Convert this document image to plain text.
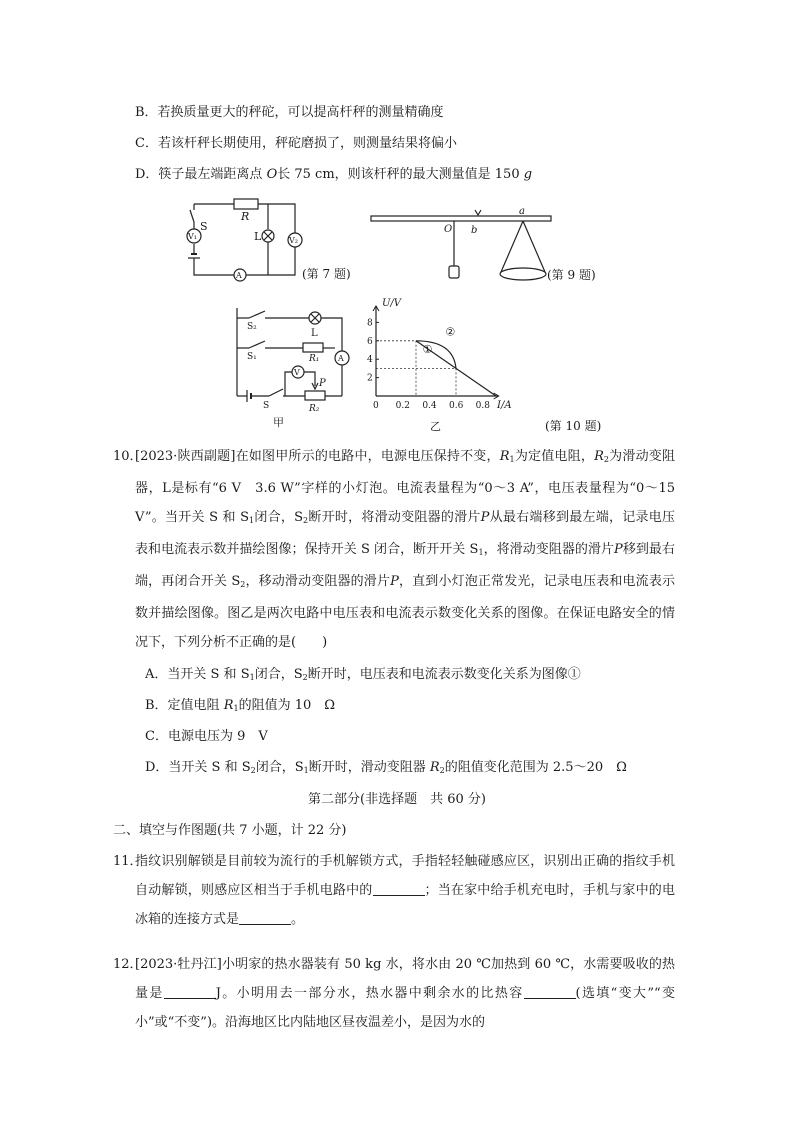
B．若换质量更大的秤砣，可以提高杆秤的测量精确度
C．若该杆秤长期使用，秤砣磨损了，则测量结果将偏小
D．筷子最左端距离点 O长 75 cm，则该杆秤的最大测量值是 150 g
S
R
V₁	L	V₂
A	(第 7 题)
O b
a
(第 9 题)
S₂
L
S₁	R₁ A
V
P
S	R₂
甲
2
4
6
8
0 0.2 0.4 0.6 0.8
①
②
U/V
I/A
乙	(第 10 题)
10．
[2023·陕西副题]在如图甲所示的电路中，电源电压保持不变，$R_1$为定值电阻，$R_2$为滑动变阻器，L是标有“6 V　3.6 W”字样的小灯泡。电流表量程为“0～3 A”，电压表量程为“0～15 V”。当开关 S 和 $S_1$闭合，$S_2$断开时，将滑动变阻器的滑片P从最右端移到最左端，记录电压表和电流表示数并描绘图像；保持开关 S 闭合，断开开关 $S_1$，将滑动变阻器的滑片P移到最右端，再闭合开关 $S_2$，移动滑动变阻器的滑片P，直到小灯泡正常发光，记录电压表和电流表示数并描绘图像。图乙是两次电路中电压表和电流表示数变化关系的图像。在保证电路安全的情况下，下列分析不正确的是(　　)
A．当开关 S 和 $S_1$闭合，$S_2$断开时，电压表和电流表示数变化关系为图像①
B．定值电阻 $R_1$的阻值为 10　Ω
C．电源电压为 9　V
D．当开关 S 和 $S_2$闭合，$S_1$断开时，滑动变阻器 $R_2$的阻值变化范围为 2.5～20　Ω
第二部分(非选择题　共 60 分)
二、填空与作图题(共 7 小题，计 22 分)
11．
指纹识别解锁是目前较为流行的手机解锁方式，手指轻轻触碰感应区，识别出正确的指纹手机自动解锁，则感应区相当于手机电路中的	；当在家中给手机充电时，手机与家中的电冰箱的连接方式是	。
12．
[2023·牡丹江]小明家的热水器装有 50 kg 水，将水由 20 ℃加热到 60 ℃，水需要吸收的热量是	J。小明用去一部分水，热水器中剩余水的比热容	(选填“变大”“变小”或“不变”)。沿海地区比内陆地区昼夜温差小，是因为水的
